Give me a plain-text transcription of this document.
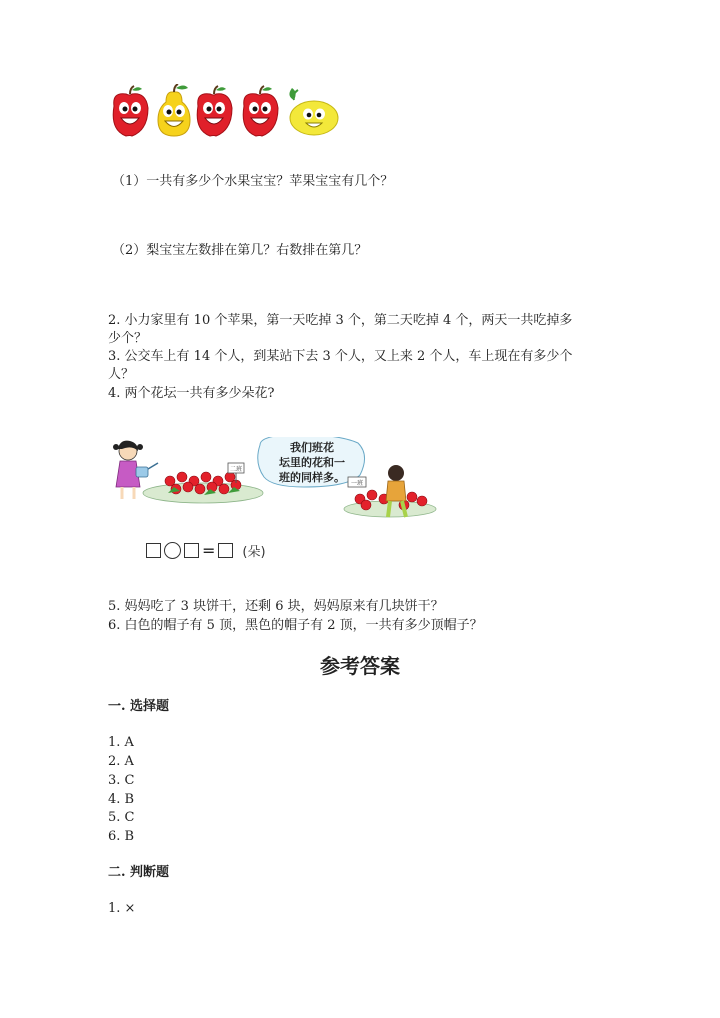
（1）一共有多少个水果宝宝？苹果宝宝有几个？
（2）梨宝宝左数排在第几？右数排在第几？
2. 小力家里有 10 个苹果，第一天吃掉 3 个，第二天吃掉 4 个，两天一共吃掉多
少个？
3. 公交车上有 14 个人，到某站下去 3 个人，又上来 2 个人，车上现在有多少个
人？
4. 两个花坛一共有多少朵花?
二班
我们班花
坛里的花和一
班的同样多。 一班
= (朵)
5. 妈妈吃了 3 块饼干，还剩 6 块，妈妈原来有几块饼干？
6. 白色的帽子有 5 顶，黑色的帽子有 2 顶，一共有多少顶帽子？
参考答案
一. 选择题
1. A
2. A
3. C
4. B
5. C
6. B
二. 判断题
1. ×
